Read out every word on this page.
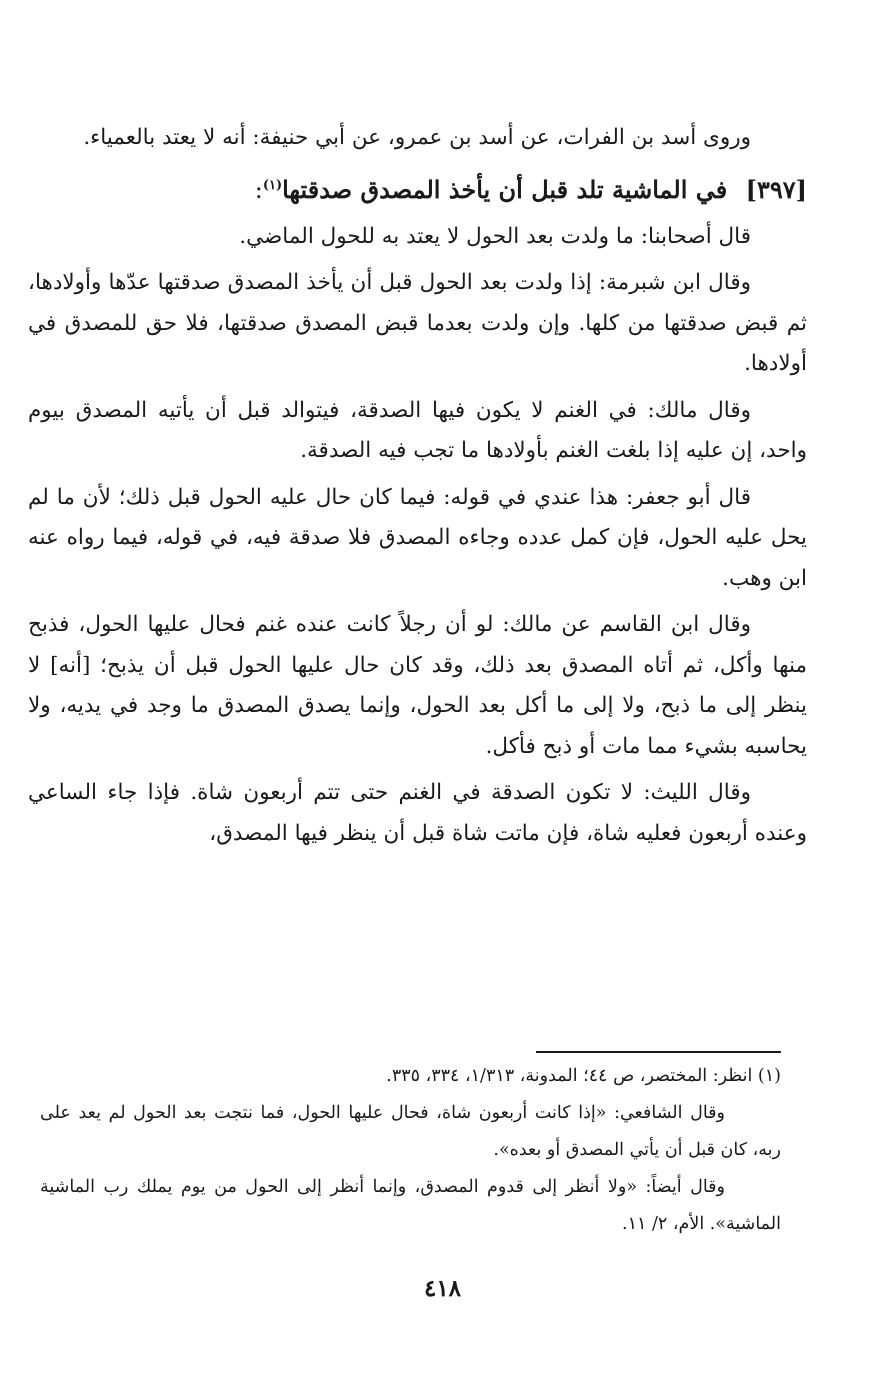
وروى أسد بن الفرات، عن أسد بن عمرو، عن أبي حنيفة: أنه لا يعتد بالعمياء.

[٣٩٧] في الماشية تلد قبل أن يأخذ المصدق صدقتها$^{(١)}$:

قال أصحابنا: ما ولدت بعد الحول لا يعتد به للحول الماضي.

وقال ابن شبرمة: إذا ولدت بعد الحول قبل أن يأخذ المصدق صدقتها عدّها وأولادها، ثم قبض صدقتها من كلها. وإن ولدت بعدما قبض المصدق صدقتها، فلا حق للمصدق في أولادها.

وقال مالك: في الغنم لا يكون فيها الصدقة، فيتوالد قبل أن يأتيه المصدق بيوم واحد، إن عليه إذا بلغت الغنم بأولادها ما تجب فيه الصدقة.

قال أبو جعفر: هذا عندي في قوله: فيما كان حال عليه الحول قبل ذلك؛ لأن ما لم يحل عليه الحول، فإن كمل عدده وجاءه المصدق فلا صدقة فيه، في قوله، فيما رواه عنه ابن وهب.

وقال ابن القاسم عن مالك: لو أن رجلاً كانت عنده غنم فحال عليها الحول، فذبح منها وأكل، ثم أتاه المصدق بعد ذلك، وقد كان حال عليها الحول قبل أن يذبح؛ [أنه] لا ينظر إلى ما ذبح، ولا إلى ما أكل بعد الحول، وإنما يصدق المصدق ما وجد في يديه، ولا يحاسبه بشيء مما مات أو ذبح فأكل.

وقال الليث: لا تكون الصدقة في الغنم حتى تتم أربعون شاة. فإذا جاء الساعي وعنده أربعون فعليه شاة، فإن ماتت شاة قبل أن ينظر فيها المصدق،

(١) انظر: المختصر، ص ٤٤؛ المدونة، ١/٣١٣، ٣٣٤، ٣٣٥.

وقال الشافعي: «إذا كانت أربعون شاة، فحال عليها الحول، فما نتجت بعد الحول لم يعد على ربه، كان قبل أن يأتي المصدق أو بعده».

وقال أيضاً: «ولا أنظر إلى قدوم المصدق، وإنما أنظر إلى الحول من يوم يملك رب الماشية الماشية». الأم، ٢/ ١١.

٤١٨
